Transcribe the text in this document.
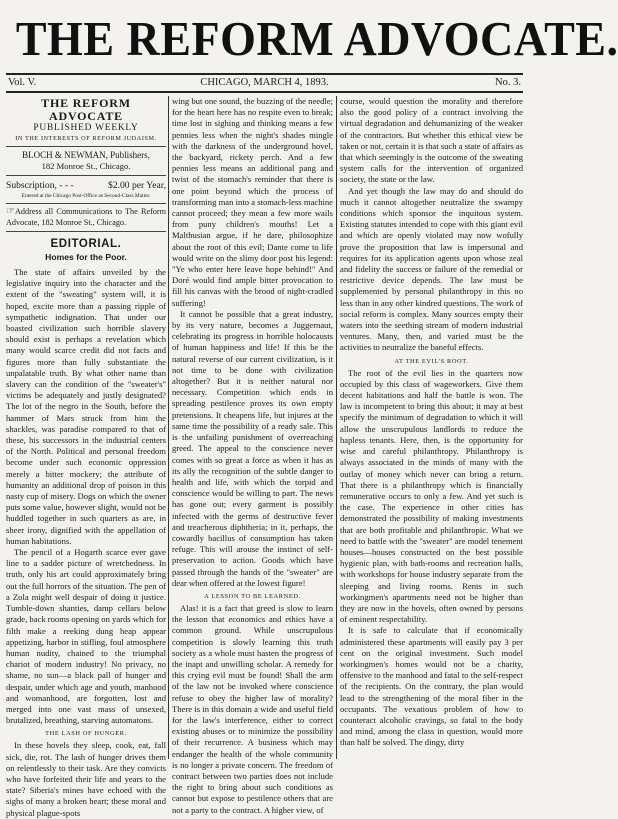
THE REFORM ADVOCATE.
Vol. V.	CHICAGO, MARCH 4, 1893.	No. 3.
THE REFORM ADVOCATE
PUBLISHED WEEKLY
IN THE INTERESTS OF REFORM JUDAISM.
BLOCH & NEWMAN, Publishers,
182 Monroe St., Chicago.
Subscription, - - -	$2.00 per Year,
Entered at the Chicago Post-Office as Second-Class Matter.
☞Address all Communications to The Reform Advocate, 182 Monroe St., Chicago.
EDITORIAL.
Homes for the Poor.

The state of affairs unveiled by the legislative inquiry into the character and the extent of the "sweating" system will, it is hoped, excite more than a passing ripple of sympathetic indignation. That under our boasted civilization such horrible slavery should exist is perhaps a revelation which many would scarce credit did not facts and figures more than fully substantiate the unpalatable truth. By what other name than slavery can the condition of the "sweater's" victims be adequately and justly designated? The lot of the negro in the South, before the hammer of Mars struck from him the shackles, was paradise compared to that of these, his successors in the industrial centers of the North. Political and personal freedom become under such economic oppression merely a bitter mockery; the attribute of humanity an additional drop of poison in this nasty cup of misery. Dogs on which the owner puts some value, however slight, would not be huddled together in such quarters as are, in sheer irony, dignified with the appellation of human habitations.

The pencil of a Hogarth scarce ever gave line to a sadder picture of wretchedness. In truth, only his art could approximately bring out the full horrors of the situation. The pen of a Zola might well despair of doing it justice. Tumble-down shanties, damp cellars below grade, back rooms opening on yards which for filth make a reeking dung heap appear appetizing, harbor in stifling, foul atmosphere human nudity, chained to the triumphal chariot of modern industry! No privacy, no shame, no sun—a black pall of hunger and despair, under which age and youth, manhood and womanhood, are forgotten, lost and merged into one vast mass of unsexed, brutalized, breathing, starving automatons.

THE LASH OF HUNGER.

In these hovels they sleep, cook, eat, fall sick, die, rot. The lash of hunger drives them on relentlessly to their task. Are they convicts who have forfeited their life and years to the state? Siberia's mines have echoed with the sighs of many a broken heart; these moral and physical plague-spots

wing but one sound, the buzzing of the needle; for the heart here has no respite even to break; time lost in sighing and thinking means a few pennies less when the night's shades mingle with the darkness of the underground hovel, the backyard, rickety perch. And a few pennies less means an additional pang and twist of the stomach's reminder that there is one point beyond which the process of transforming man into a stomach-less machine cannot proceed; they mean a few more wails from puny children's mouths! Let a Malthusian argue, if he dare, philosophize about the root of this evil; Dante come to life would write on the slimy door post his legend: "Ye who enter here leave hope behind!" And Doré would find ample bitter provocation to fill his canvas with the brood of night-cradled suffering!

It cannot be possible that a great industry, by its very nature, becomes a Juggernaut, celebrating its progress in horrible holocausts of human happiness and life! If this be the natural reverse of our current civilization, is it not time to be done with civilization altogether? But it is neither natural nor necessary. Competition which ends in spreading pestilence proves its own empty pretensions. It cheapens life, but injures at the same time the possibility of a ready sale. This is the unfailing punishment of overreaching greed. The appeal to the conscience never comes with so great a force as when it has as its ally the recognition of the subtle danger to health and life, with which the torpid and conscience would be willing to part. The news has gone out; every garment is possibly infected with the germs of destructive fever and treacherous diphtheria; in it, perhaps, the cowardly bacillus of consumption has taken refuge. This will arouse the instinct of self-preservation to action. Goods which have passed through the hands of the "sweater" are dear when offered at the lowest figure!

A LESSON TO BE LEARNED.

Alas! it is a fact that greed is slow to learn the lesson that economics and ethics have a common ground. While unscrupulous competition is slowly learning this truth society as a whole must hasten the progress of the inapt and unwilling scholar. A remedy for this crying evil must be found! Shall the arm of the law not be invoked where conscience refuse to obey the higher law of morality? There is in this domain a wide and useful field for the law's interference, either to correct existing abuses or to minimize the possibility of their recurrence. A business which may endanger the health of the whole community is no longer a private concern. The freedom of contract between two parties does not include the right to bring about such conditions as cannot but expose to pestilence others that are not a party to the contract. A higher view, of

course, would question the morality and therefore also the good policy of a contract involving the virtual degradation and dehumanizing of the weaker of the contractors. But whether this ethical view be taken or not, certain it is that such a state of affairs as that which seemingly is the outcome of the sweating system calls for the intervention of organized society, the state or the law.

And yet though the law may do and should do much it cannot altogether neutralize the swampy conditions which sponsor the inquitous system. Existing statutes intended to cope with this giant evil and which are openly violated may now wofully prove the proposition that law is impersonal and requires for its application agents upon whose zeal and fidelity the success or failure of the remedial or restrictive device depends. The law must be supplemented by personal philanthropy in this no less than in any other kindred questions. The work of social reform is complex. Many sources empty their waters into the seething stream of modern industrial ventures. Many, then, and varied must be the activities to neutralize the baneful effects.

AT THE EVIL'S ROOT.

The root of the evil lies in the quarters now occupied by this class of wageworkers. Give them decent habitations and half the battle is won. The law is incompetent to bring this about; it may at best specify the minimum of degradation to which it will allow the unscrupulous landlords to reduce the hapless tenants. Here, then, is the opportunity for wise and careful philanthropy. Philanthropy is always associated in the minds of many with the outlay of money which never can bring a return. That there is a philanthropy which is financially remunerative occurs to only a few. And yet such is the case. The experience in other cities has demonstrated the possibility of making investments that are both profitable and philanthropic. What we need to battle with the "sweater" are model tenement houses—houses constructed on the best possible hygienic plan, with bath-rooms and recreation halls, with workshops for house industry separate from the sleeping and living rooms. Rents in such workingmen's apartments need not be higher than they are now in the hovels, often owned by persons of eminent respectability.

It is safe to calculate that if economically administered these apartments will easily pay 3 per cent on the original investment. Such model workingmen's homes would not be a charity, offensive to the manhood and fatal to the self-respect of the recipients. On the contrary, the plan would lead to the strengthening of the moral fiber in the occupants. The vexatious problem of how to counteract alcoholic cravings, so fatal to the body and mind, among the class in question, would more than half be solved. The dingy, dirty
